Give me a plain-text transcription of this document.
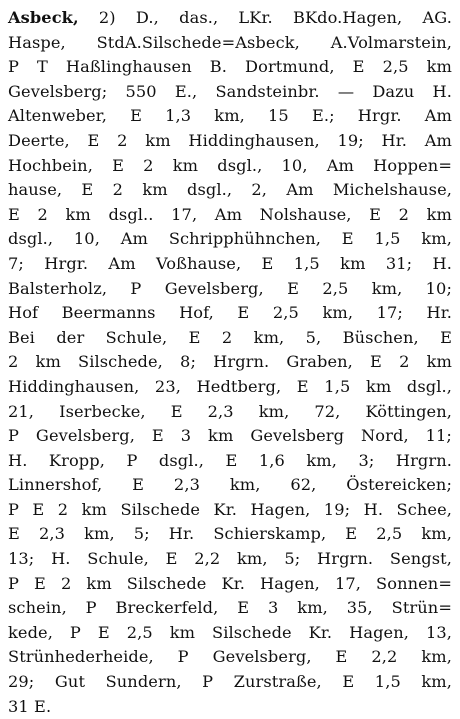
Asbeck, 2) D., das., LKr. BKdo.Hagen, AG.
Haspe, StdA.Silschede=Asbeck, A.Volmarstein,
P T Haßlinghausen B. Dortmund, E 2,5 km
Gevelsberg; 550 E., Sandsteinbr. — Dazu H.
Altenweber, E 1,3 km, 15 E.; Hrgr. Am
Deerte, E 2 km Hiddinghausen, 19; Hr. Am
Hochbein, E 2 km dsgl., 10, Am Hoppen=
hause, E 2 km dsgl., 2, Am Michelshause,
E 2 km dsgl.. 17, Am Nolshause, E 2 km
dsgl., 10, Am Schripphühnchen, E 1,5 km,
7; Hrgr. Am Voßhause, E 1,5 km 31; H.
Balsterholz, P Gevelsberg, E 2,5 km, 10;
Hof Beermanns Hof, E 2,5 km, 17; Hr.
Bei der Schule, E 2 km, 5, Büschen, E
2 km Silschede, 8; Hrgrn. Graben, E 2 km
Hiddinghausen, 23, Hedtberg, E 1,5 km dsgl.,
21, Iserbecke, E 2,3 km, 72, Köttingen,
P Gevelsberg, E 3 km Gevelsberg Nord, 11;
H. Kropp, P dsgl., E 1,6 km, 3; Hrgrn.
Linnershof, E 2,3 km, 62, Östereicken;
P E 2 km Silschede Kr. Hagen, 19; H. Schee,
E 2,3 km, 5; Hr. Schierskamp, E 2,5 km,
13; H. Schule, E 2,2 km, 5; Hrgrn. Sengst,
P E 2 km Silschede Kr. Hagen, 17, Sonnen=
schein, P Breckerfeld, E 3 km, 35, Strün=
kede, P E 2,5 km Silschede Kr. Hagen, 13,
Strünhederheide, P Gevelsberg, E 2,2 km,
29; Gut Sundern, P Zurstraße, E 1,5 km,
31 E.
